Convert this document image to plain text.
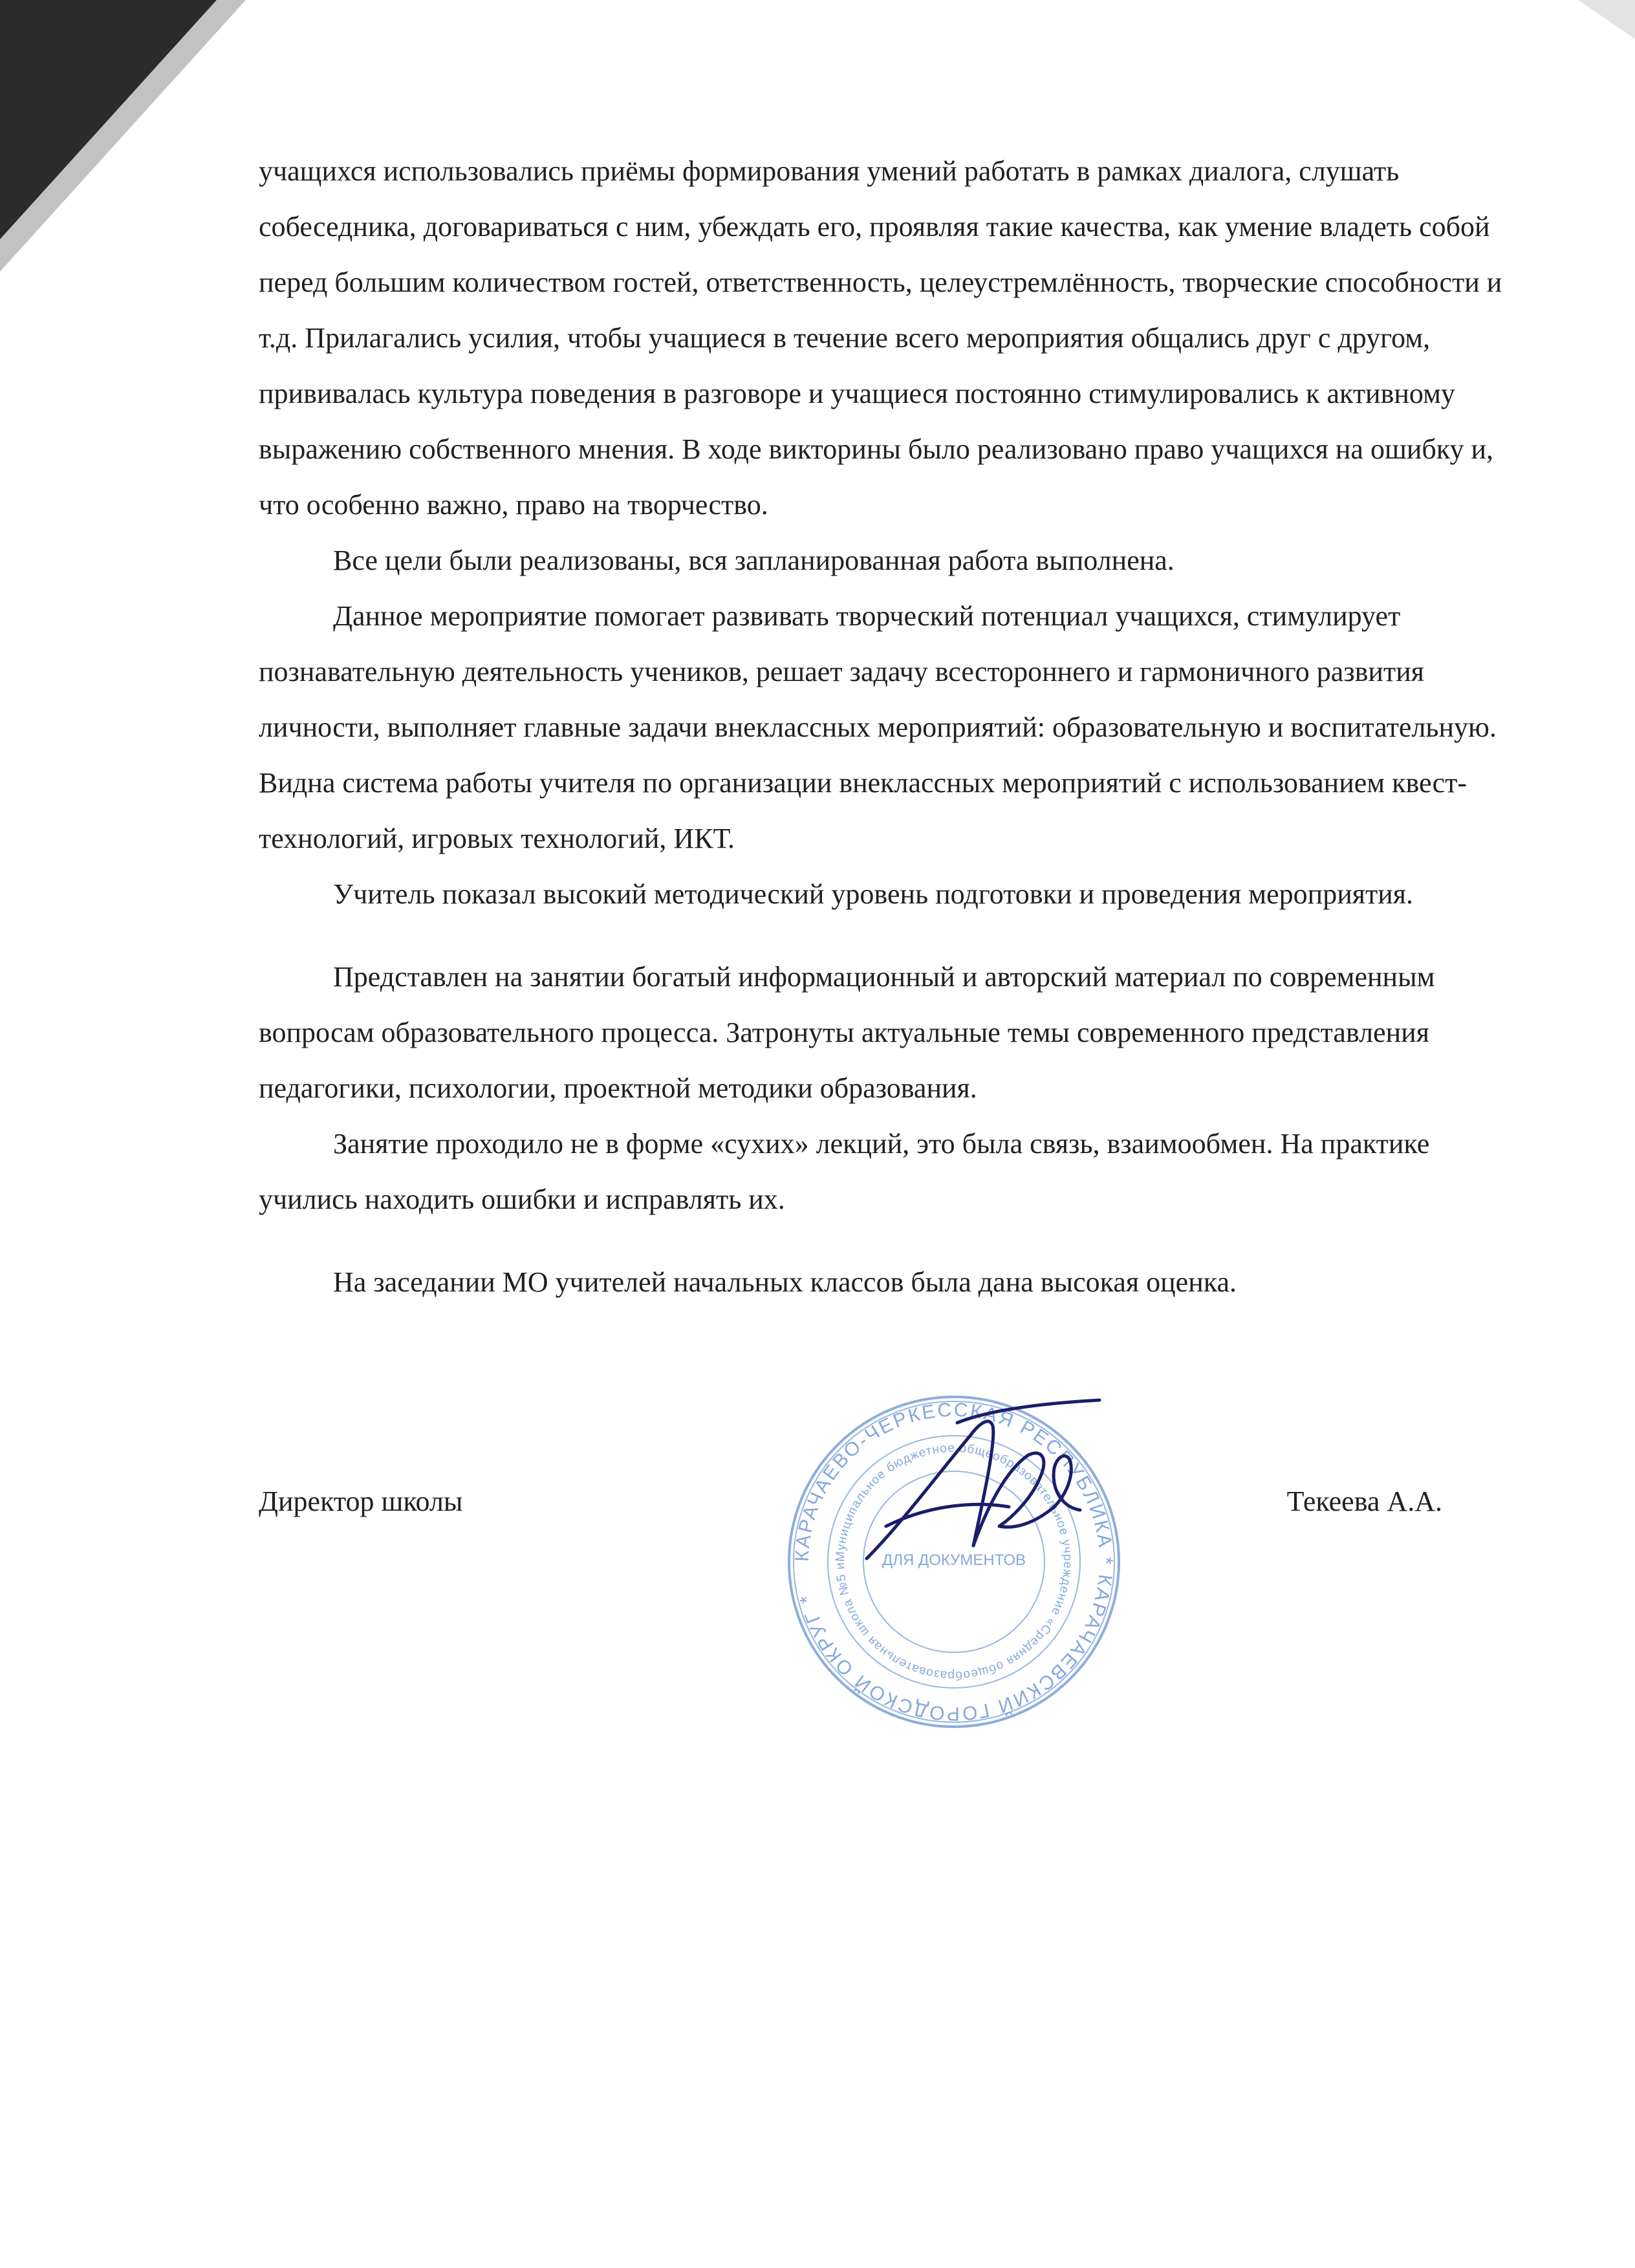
учащихся использовались приёмы формирования умений работать в рамках диалога, слушать собеседника, договариваться с ним, убеждать его, проявляя такие качества, как умение владеть собой перед большим количеством гостей, ответственность, целеустремлённость, творческие способности и т.д. Прилагались усилия, чтобы учащиеся в течение всего мероприятия общались друг с другом, прививалась культура поведения в разговоре и учащиеся постоянно стимулировались к активному выражению собственного мнения. В ходе викторины было реализовано право учащихся на ошибку и, что особенно важно, право на творчество.

Все цели были реализованы, вся запланированная работа выполнена.

Данное мероприятие помогает развивать творческий потенциал учащихся, стимулирует познавательную деятельность учеников, решает задачу всестороннего и гармоничного развития личности, выполняет главные задачи внеклассных мероприятий: образовательную и воспитательную. Видна система работы учителя по организации внеклассных мероприятий с использованием квест-технологий, игровых технологий, ИКТ.

Учитель показал высокий методический уровень подготовки и проведения мероприятия.

Представлен на занятии богатый информационный и авторский материал по современным вопросам образовательного процесса. Затронуты актуальные темы современного представления педагогики, психологии, проектной методики образования.

Занятие проходило не в форме «сухих» лекций, это была связь, взаимообмен. На практике учились находить ошибки и исправлять их.

На заседании МО учителей начальных классов была дана высокая оценка.

КАРАЧАЕВО-ЧЕРКЕССКАЯ РЕСПУБЛИКА * КАРАЧАЕВСКИЙ ГОРОДСКОЙ ОКРУГ *
Муниципальное бюджетное общеобразовательное учреждение «Средняя общеобразовательная школа №5 и	ДЛЯ ДОКУМЕНТОВ
Директор школы	Текеева А.А.
